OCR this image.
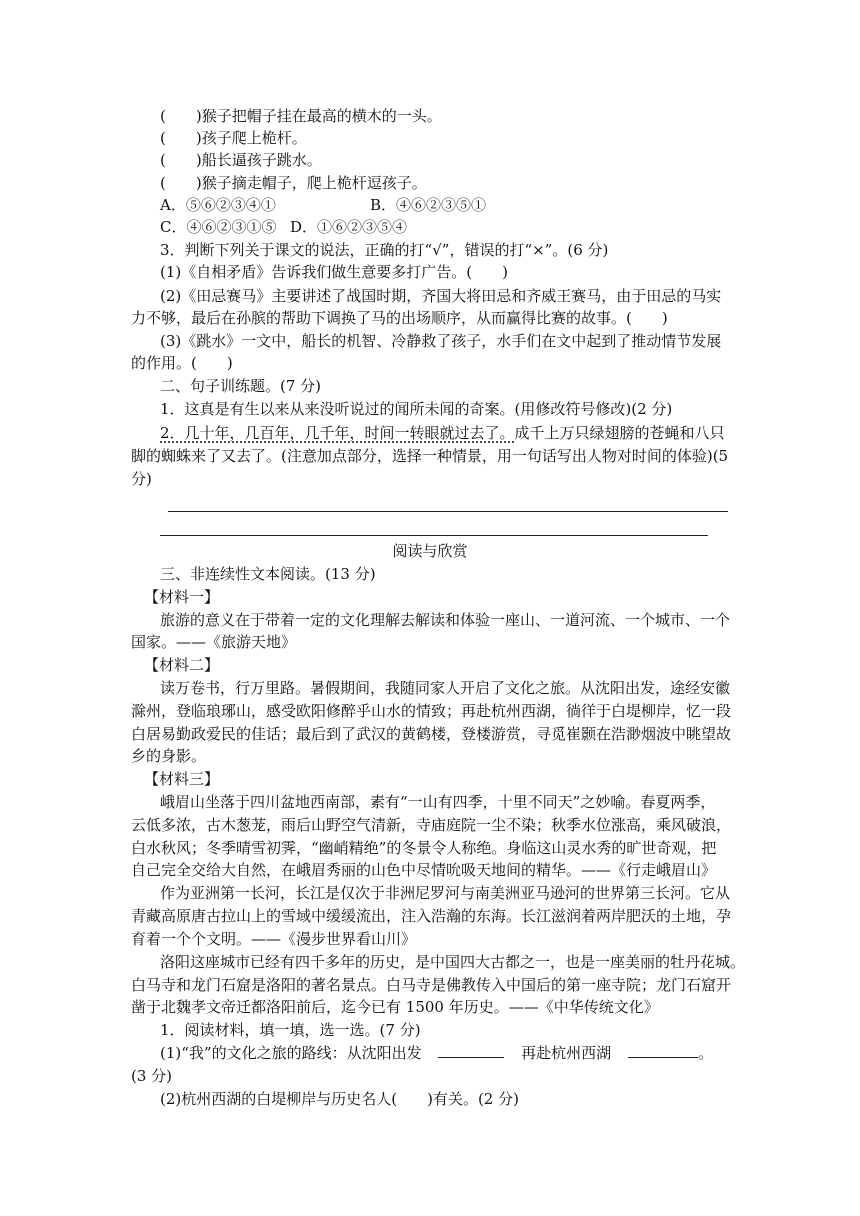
(　　)猴子把帽子挂在最高的横木的一头。
(　　)孩子爬上桅杆。
(　　)船长逼孩子跳水。
(　　)猴子摘走帽子，爬上桅杆逗孩子。
A．⑤⑥②③④①	B．④⑥②③⑤①
C．④⑥②③①⑤ D．①⑥②③⑤④
3．判断下列关于课文的说法，正确的打“√”，错误的打“×”。(6 分)
(1)《自相矛盾》告诉我们做生意要多打广告。(　　)
(2)《田忌赛马》主要讲述了战国时期，齐国大将田忌和齐威王赛马，由于田忌的马实
力不够，最后在孙膑的帮助下调换了马的出场顺序，从而赢得比赛的故事。(　　)
(3)《跳水》一文中，船长的机智、冷静救了孩子，水手们在文中起到了推动情节发展
的作用。(　　)
二、句子训练题。(7 分)
1．这真是有生以来从来没听说过的闻所未闻的奇案。(用修改符号修改)(2 分)
2．几十年，几百年，几千年，时间一转眼就过去了。成千上万只绿翅膀的苍蝇和八只
脚的蜘蛛来了又去了。(注意加点部分，选择一种情景，用一句话写出人物对时间的体验)(5
分)
阅读与欣赏
三、非连续性文本阅读。(13 分)
【材料一】
旅游的意义在于带着一定的文化理解去解读和体验一座山、一道河流、一个城市、一个
国家。——《旅游天地》
【材料二】
读万卷书，行万里路。暑假期间，我随同家人开启了文化之旅。从沈阳出发，途经安徽
滁州，登临琅琊山，感受欧阳修醉乎山水的情致；再赴杭州西湖，徜徉于白堤柳岸，忆一段
白居易勤政爱民的佳话；最后到了武汉的黄鹤楼，登楼游赏，寻觅崔颢在浩渺烟波中眺望故
乡的身影。
【材料三】
峨眉山坐落于四川盆地西南部，素有“一山有四季，十里不同天”之妙喻。春夏两季，
云低多浓，古木葱茏，雨后山野空气清新，寺庙庭院一尘不染；秋季水位涨高，乘风破浪，
白水秋风；冬季晴雪初霁，“幽峭精绝”的冬景令人称绝。身临这山灵水秀的旷世奇观，把
自己完全交给大自然，在峨眉秀丽的山色中尽情吮吸天地间的精华。——《行走峨眉山》
作为亚洲第一长河，长江是仅次于非洲尼罗河与南美洲亚马逊河的世界第三长河。它从
青藏高原唐古拉山上的雪域中缓缓流出，注入浩瀚的东海。长江滋润着两岸肥沃的土地，孕
育着一个个文明。——《漫步世界看山川》
洛阳这座城市已经有四千多年的历史，是中国四大古都之一，也是一座美丽的牡丹花城。
白马寺和龙门石窟是洛阳的著名景点。白马寺是佛教传入中国后的第一座寺院；龙门石窟开
凿于北魏孝文帝迁都洛阳前后，迄今已有 1500 年历史。——《中华传统文化》
1．阅读材料，填一填，选一选。(7 分)
(1)“我”的文化之旅的路线：从沈阳出发	再赴杭州西湖	。
(3 分)
(2)杭州西湖的白堤柳岸与历史名人(　　)有关。(2 分)
